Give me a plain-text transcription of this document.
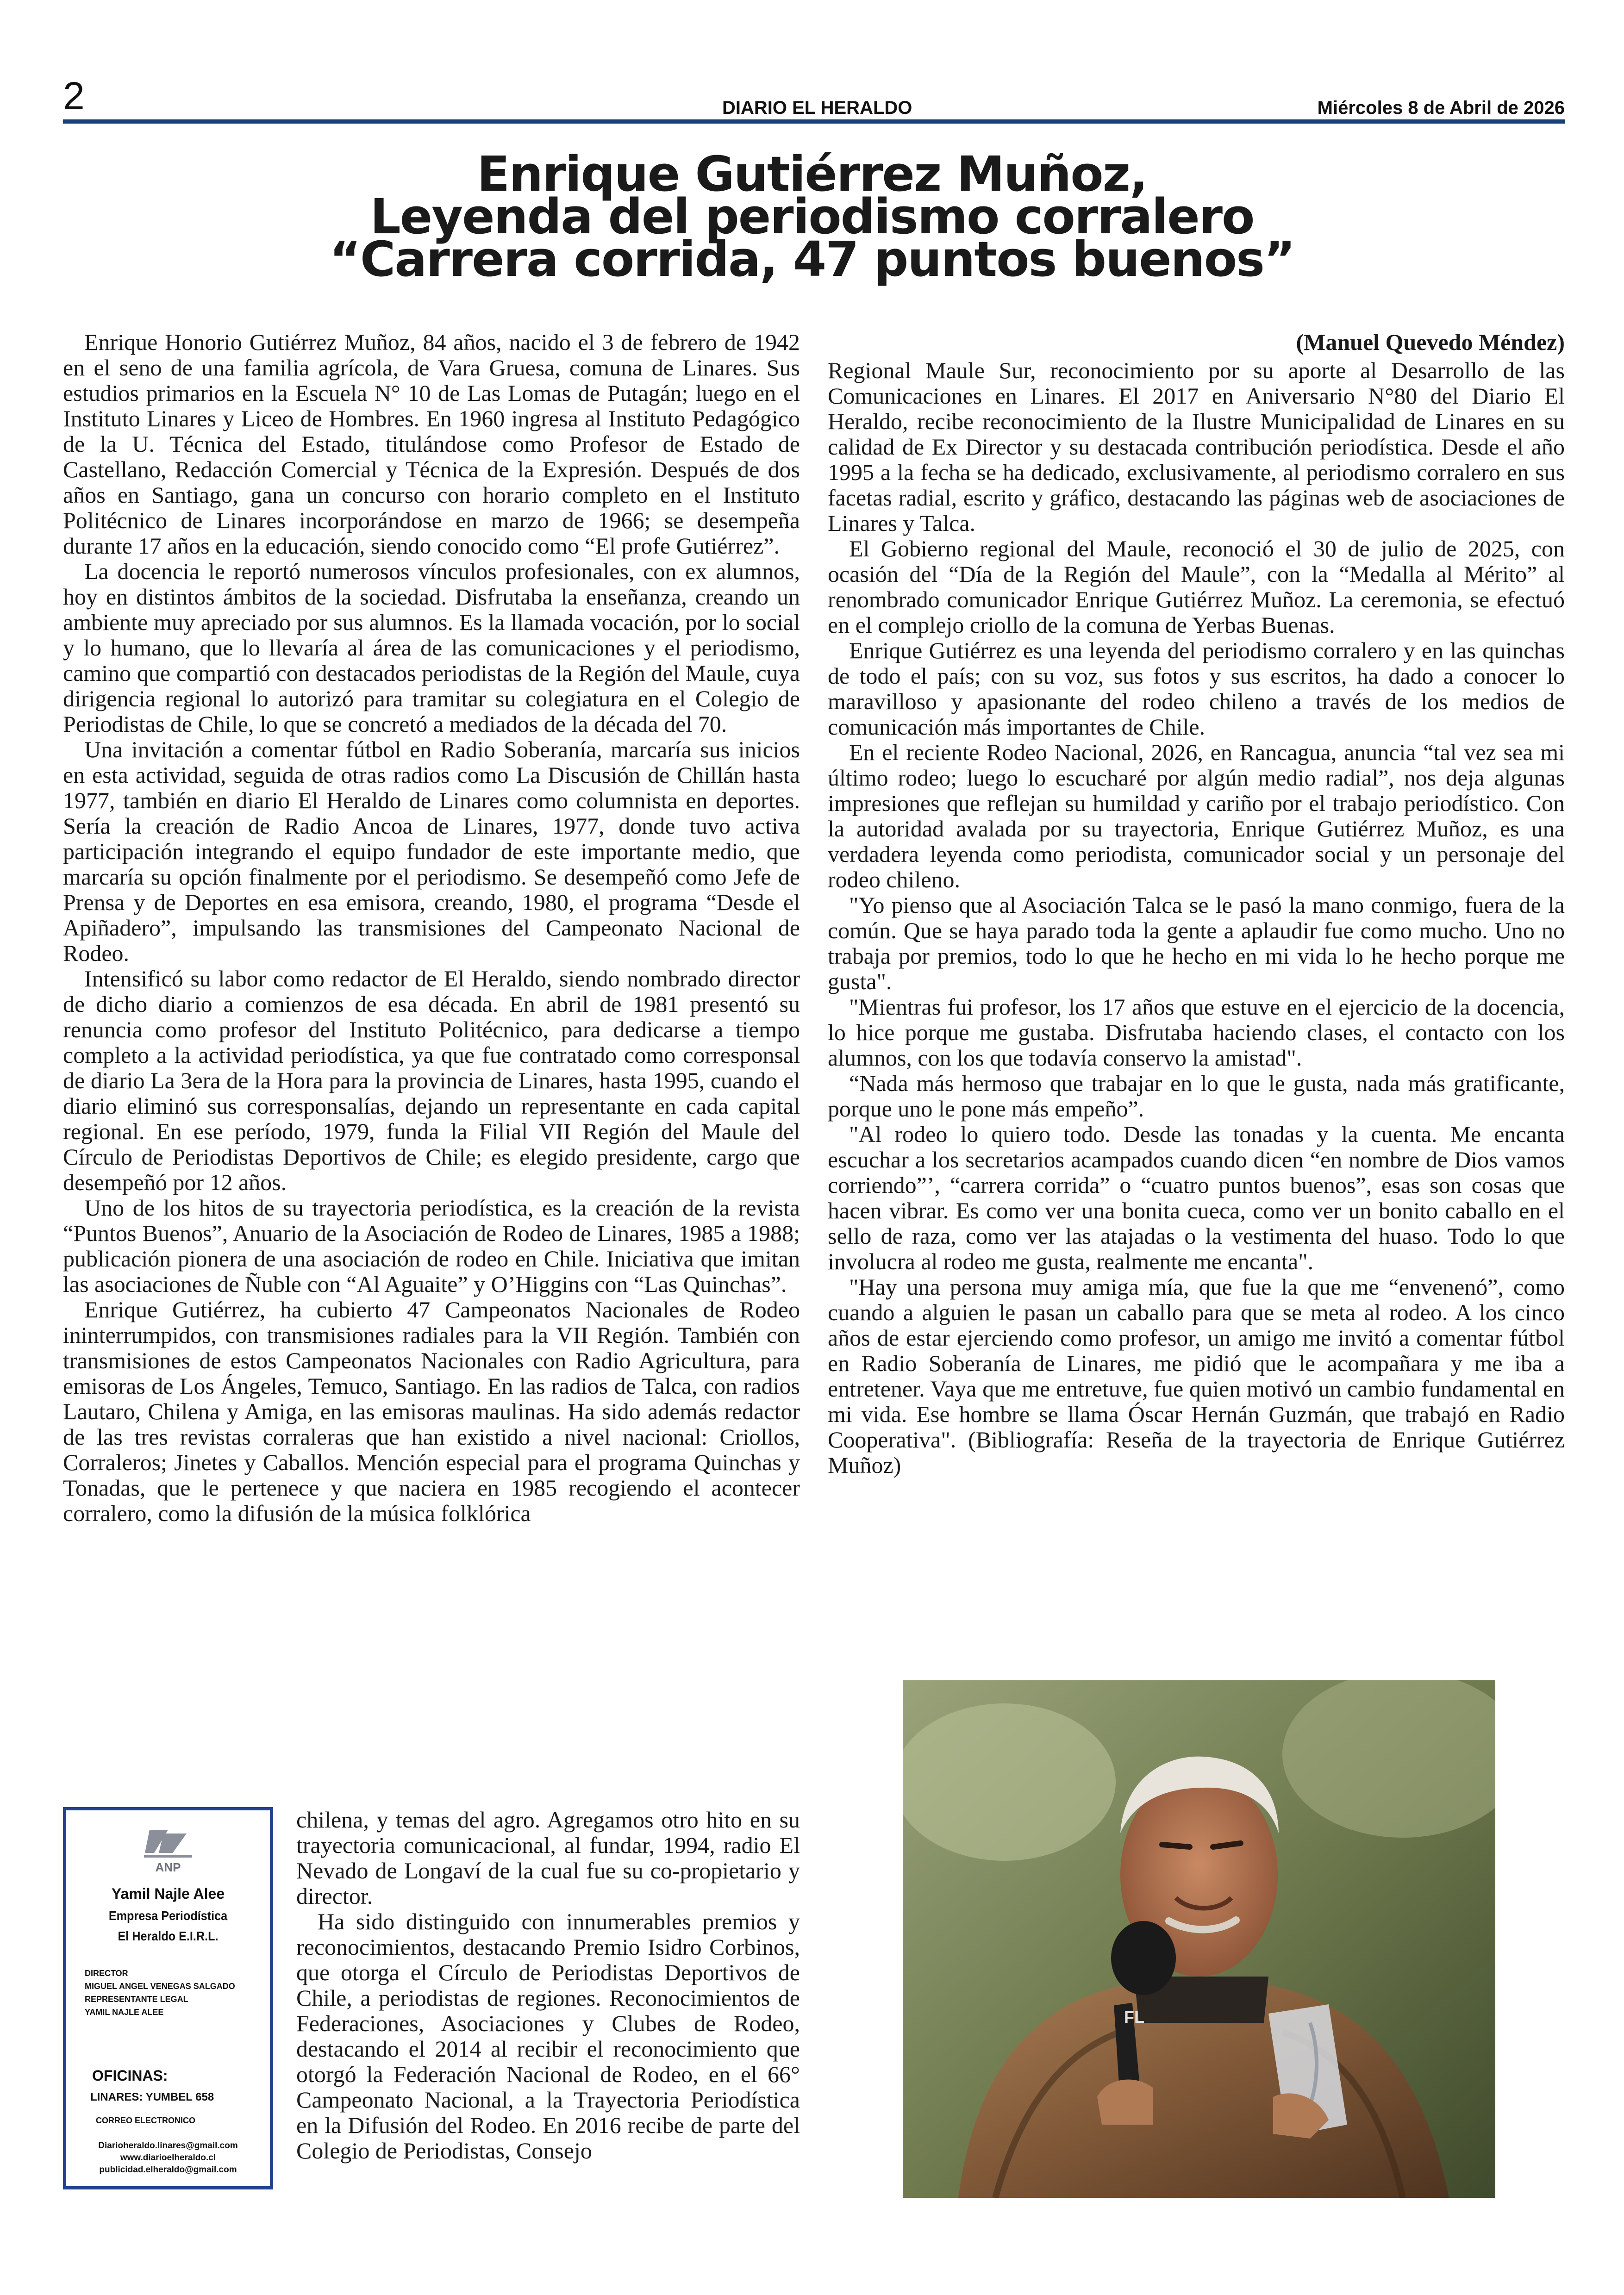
2	DIARIO EL HERALDO	Miércoles 8 de Abril de 2026
Enrique Gutiérrez Muñoz,
Leyenda del periodismo corralero
“Carrera corrida, 47 puntos buenos”

Enrique Honorio Gutiérrez Muñoz, 84 años, nacido el 3 de febrero de 1942 en el seno de una familia agrícola, de Vara Gruesa, comuna de Linares. Sus estudios primarios en la Escuela N° 10 de Las Lomas de Putagán; luego en el Instituto Linares y Liceo de Hombres. En 1960 ingresa al Instituto Pedagógico de la U. Técnica del Estado, titulándose como Profesor de Estado de Castellano, Redacción Comercial y Técnica de la Expresión. Después de dos años en Santiago, gana un concurso con horario completo en el Instituto Politécnico de Linares incorporándose en marzo de 1966; se desempeña durante 17 años en la educación, siendo conocido como “El profe Gutiérrez”.

La docencia le reportó numerosos vínculos profesionales, con ex alumnos, hoy en distintos ámbitos de la sociedad. Disfrutaba la enseñanza, creando un ambiente muy apreciado por sus alumnos. Es la llamada vocación, por lo social y lo humano, que lo llevaría al área de las comunicaciones y el periodismo, camino que compartió con destacados periodistas de la Región del Maule, cuya dirigencia regional lo autorizó para tramitar su colegiatura en el Colegio de Periodistas de Chile, lo que se concretó a mediados de la década del 70.

Una invitación a comentar fútbol en Radio Soberanía, marcaría sus inicios en esta actividad, seguida de otras radios como La Discusión de Chillán hasta 1977, también en diario El Heraldo de Linares como columnista en deportes. Sería la creación de Radio Ancoa de Linares, 1977, donde tuvo activa participación integrando el equipo fundador de este importante medio, que marcaría su opción finalmente por el periodismo. Se desempeñó como Jefe de Prensa y de Deportes en esa emisora, creando, 1980, el programa “Desde el Apiñadero”, impulsando las transmisiones del Campeonato Nacional de Rodeo.

Intensificó su labor como redactor de El Heraldo, siendo nombrado director de dicho diario a comienzos de esa década. En abril de 1981 presentó su renuncia como profesor del Instituto Politécnico, para dedicarse a tiempo completo a la actividad periodística, ya que fue contratado como corresponsal de diario La 3era de la Hora para la provincia de Linares, hasta 1995, cuando el diario eliminó sus corresponsalías, dejando un representante en cada capital regional. En ese período, 1979, funda la Filial VII Región del Maule del Círculo de Periodistas Deportivos de Chile; es elegido presidente, cargo que desempeñó por 12 años.

Uno de los hitos de su trayectoria periodística, es la creación de la revista “Puntos Buenos”, Anuario de la Asociación de Rodeo de Linares, 1985 a 1988; publicación pionera de una asociación de rodeo en Chile. Iniciativa que imitan las asociaciones de Ñuble con “Al Aguaite” y O’Higgins con “Las Quinchas”.

Enrique Gutiérrez, ha cubierto 47 Campeonatos Nacionales de Rodeo ininterrumpidos, con transmisiones radiales para la VII Región. También con transmisiones de estos Campeonatos Nacionales con Radio Agricultura, para emisoras de Los Ángeles, Temuco, Santiago. En las radios de Talca, con radios Lautaro, Chilena y Amiga, en las emisoras maulinas. Ha sido además redactor de las tres revistas corraleras que han existido a nivel nacional: Criollos, Corraleros; Jinetes y Caballos. Mención especial para el programa Quinchas y Tonadas, que le pertenece y que naciera en 1985 recogiendo el acontecer corralero, como la difusión de la música folklórica

chilena, y temas del agro. Agregamos otro hito en su trayectoria comunicacional, al fundar, 1994, radio El Nevado de Longaví de la cual fue su co-propietario y director.

Ha sido distinguido con innumerables premios y reconocimientos, destacando Premio Isidro Corbinos, que otorga el Círculo de Periodistas Deportivos de Chile, a periodistas de regiones. Reconocimientos de Federaciones, Asociaciones y Clubes de Rodeo, destacando el 2014 al recibir el reconocimiento que otorgó la Federación Nacional de Rodeo, en el 66° Campeonato Nacional, a la Trayectoria Periodística en la Difusión del Rodeo. En 2016 recibe de parte del Colegio de Periodistas, Consejo

ANP
Yamil Najle Alee
Empresa Periodística
El Heraldo E.I.R.L.
DIRECTOR
MIGUEL ANGEL VENEGAS SALGADO
REPRESENTANTE LEGAL
YAMIL NAJLE ALEE
OFICINAS:
LINARES: YUMBEL 658
CORREO ELECTRONICO
Diarioheraldo.linares@gmail.com
www.diarioelheraldo.cl
publicidad.elheraldo@gmail.com

(Manuel Quevedo Méndez)

Regional Maule Sur, reconocimiento por su aporte al Desarrollo de las Comunicaciones en Linares. El 2017 en Aniversario N°80 del Diario El Heraldo, recibe reconocimiento de la Ilustre Municipalidad de Linares en su calidad de Ex Director y su destacada contribución periodística. Desde el año 1995 a la fecha se ha dedicado, exclusivamente, al periodismo corralero en sus facetas radial, escrito y gráfico, destacando las páginas web de asociaciones de Linares y Talca.

El Gobierno regional del Maule, reconoció el 30 de julio de 2025, con ocasión del “Día de la Región del Maule”, con la “Medalla al Mérito” al renombrado comunicador Enrique Gutiérrez Muñoz. La ceremonia, se efectuó en el complejo criollo de la comuna de Yerbas Buenas.

Enrique Gutiérrez es una leyenda del periodismo corralero y en las quinchas de todo el país; con su voz, sus fotos y sus escritos, ha dado a conocer lo maravilloso y apasionante del rodeo chileno a través de los medios de comunicación más importantes de Chile.

En el reciente Rodeo Nacional, 2026, en Rancagua, anuncia “tal vez sea mi último rodeo; luego lo escucharé por algún medio radial”, nos deja algunas impresiones que reflejan su humildad y cariño por el trabajo periodístico. Con la autoridad avalada por su trayectoria, Enrique Gutiérrez Muñoz, es una verdadera leyenda como periodista, comunicador social y un personaje del rodeo chileno.

"Yo pienso que al Asociación Talca se le pasó la mano conmigo, fuera de la común. Que se haya parado toda la gente a aplaudir fue como mucho. Uno no trabaja por premios, todo lo que he hecho en mi vida lo he hecho porque me gusta".

"Mientras fui profesor, los 17 años que estuve en el ejercicio de la docencia, lo hice porque me gustaba. Disfrutaba haciendo clases, el contacto con los alumnos, con los que todavía conservo la amistad".

“Nada más hermoso que trabajar en lo que le gusta, nada más gratificante, porque uno le pone más empeño”.

"Al rodeo lo quiero todo. Desde las tonadas y la cuenta. Me encanta escuchar a los secretarios acampados cuando dicen “en nombre de Dios vamos corriendo”’, “carrera corrida” o “cuatro puntos buenos”, esas son cosas que hacen vibrar. Es como ver una bonita cueca, como ver un bonito caballo en el sello de raza, como ver las atajadas o la vestimenta del huaso. Todo lo que involucra al rodeo me gusta, realmente me encanta".

"Hay una persona muy amiga mía, que fue la que me “envenenó”, como cuando a alguien le pasan un caballo para que se meta al rodeo. A los cinco años de estar ejerciendo como profesor, un amigo me invitó a comentar fútbol en Radio Soberanía de Linares, me pidió que le acompañara y me iba a entretener. Vaya que me entretuve, fue quien motivó un cambio fundamental en mi vida. Ese hombre se llama Óscar Hernán Guzmán, que trabajó en Radio Cooperativa". (Bibliografía: Reseña de la trayectoria de Enrique Gutiérrez Muñoz)

FL
